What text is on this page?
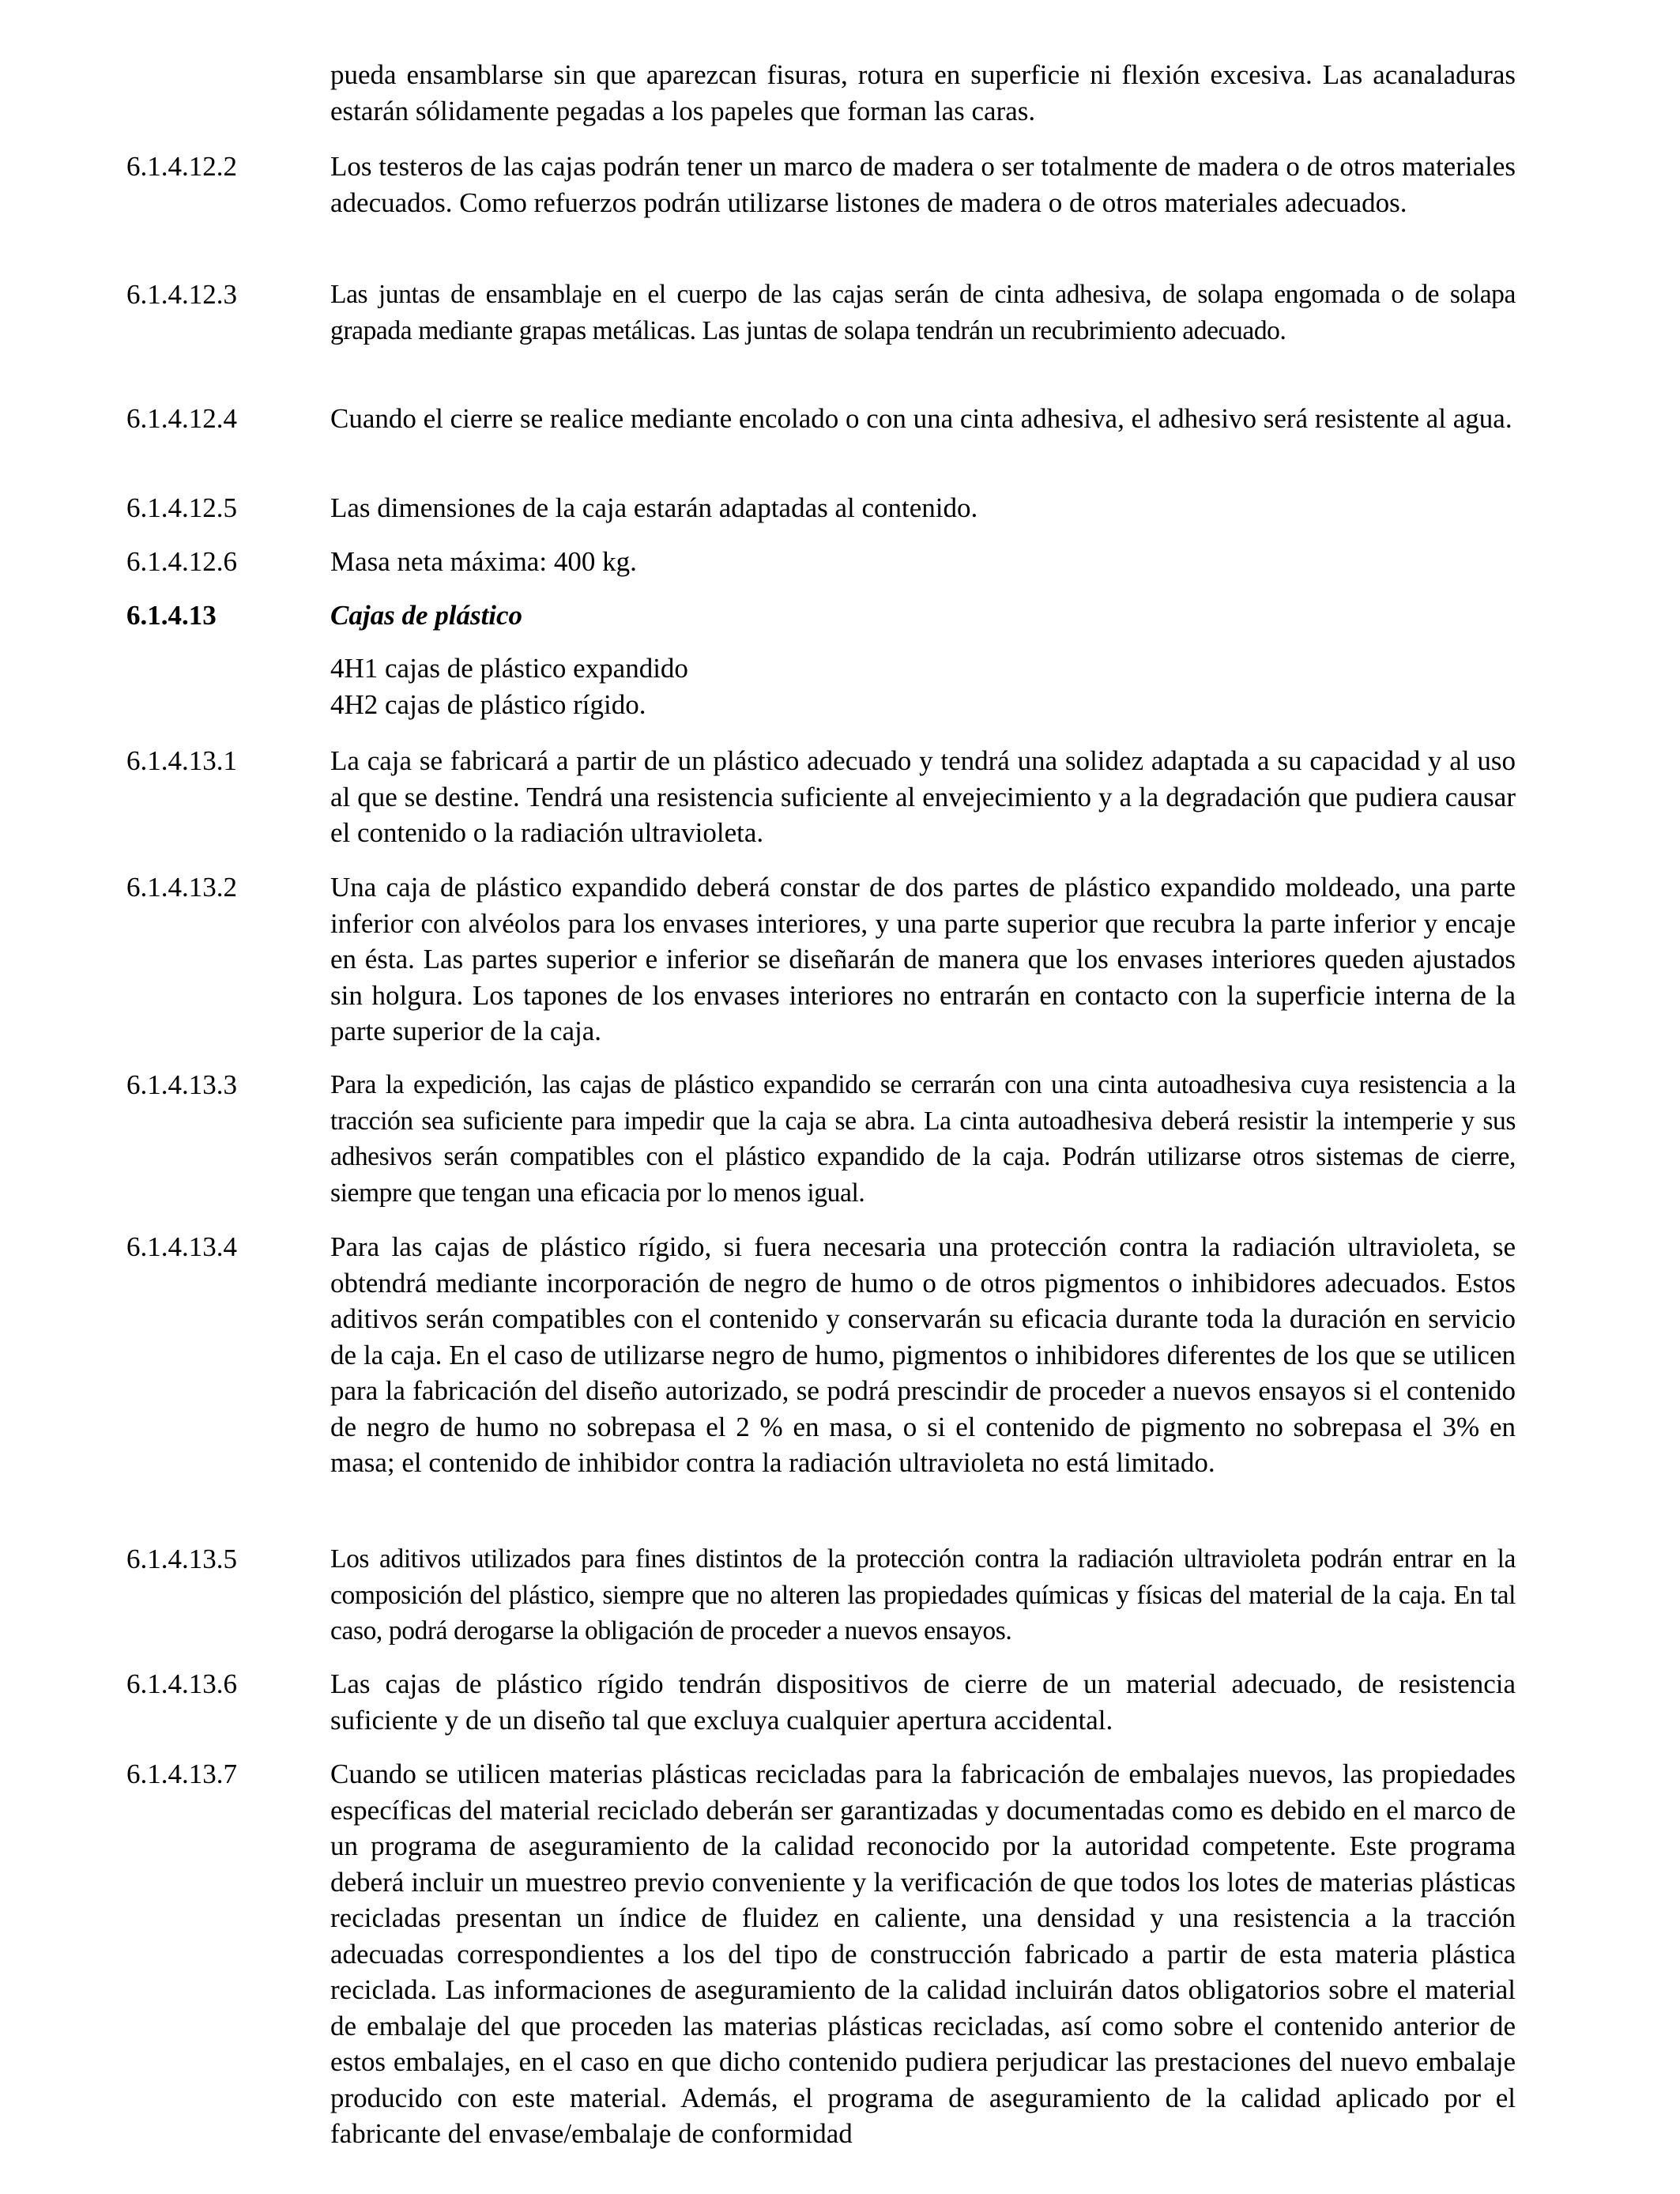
pueda ensamblarse sin que aparezcan fisuras, rotura en superficie ni flexión excesiva. Las acanaladuras estarán sólidamente pegadas a los papeles que forman las caras.
6.1.4.12.2	Los testeros de las cajas podrán tener un marco de madera o ser totalmente de madera o de otros materiales adecuados. Como refuerzos podrán utilizarse listones de madera o de otros materiales adecuados.
6.1.4.12.3	Las juntas de ensamblaje en el cuerpo de las cajas serán de cinta adhesiva, de solapa engomada o de solapa grapada mediante grapas metálicas. Las juntas de solapa tendrán un recubrimiento adecuado.
6.1.4.12.4	Cuando el cierre se realice mediante encolado o con una cinta adhesiva, el adhesivo será resistente al agua.
6.1.4.12.5	Las dimensiones de la caja estarán adaptadas al contenido.
6.1.4.12.6	Masa neta máxima: 400 kg.
6.1.4.13	Cajas de plástico
4H1 cajas de plástico expandido
4H2 cajas de plástico rígido.
6.1.4.13.1	La caja se fabricará a partir de un plástico adecuado y tendrá una solidez adaptada a su capacidad y al uso al que se destine. Tendrá una resistencia suficiente al envejecimiento y a la degradación que pudiera causar el contenido o la radiación ultravioleta.
6.1.4.13.2	Una caja de plástico expandido deberá constar de dos partes de plástico expandido moldeado, una parte inferior con alvéolos para los envases interiores, y una parte superior que recubra la parte inferior y encaje en ésta. Las partes superior e inferior se diseñarán de manera que los envases interiores queden ajustados sin holgura. Los tapones de los envases interiores no entrarán en contacto con la superficie interna de la parte superior de la caja.
6.1.4.13.3	Para la expedición, las cajas de plástico expandido se cerrarán con una cinta autoadhesiva cuya resistencia a la tracción sea suficiente para impedir que la caja se abra. La cinta autoadhesiva deberá resistir la intemperie y sus adhesivos serán compatibles con el plástico expandido de la caja. Podrán utilizarse otros sistemas de cierre, siempre que tengan una eficacia por lo menos igual.
6.1.4.13.4	Para las cajas de plástico rígido, si fuera necesaria una protección contra la radiación ultravioleta, se obtendrá mediante incorporación de negro de humo o de otros pigmentos o inhibidores adecuados. Estos aditivos serán compatibles con el contenido y conservarán su eficacia durante toda la duración en servicio de la caja. En el caso de utilizarse negro de humo, pigmentos o inhibidores diferentes de los que se utilicen para la fabricación del diseño autorizado, se podrá prescindir de proceder a nuevos ensayos si el contenido de negro de humo no sobrepasa el 2 % en masa, o si el contenido de pigmento no sobrepasa el 3% en masa; el contenido de inhibidor contra la radiación ultravioleta no está limitado.
6.1.4.13.5	Los aditivos utilizados para fines distintos de la protección contra la radiación ultravioleta podrán entrar en la composición del plástico, siempre que no alteren las propiedades químicas y físicas del material de la caja. En tal caso, podrá derogarse la obligación de proceder a nuevos ensayos.
6.1.4.13.6	Las cajas de plástico rígido tendrán dispositivos de cierre de un material adecuado, de resistencia suficiente y de un diseño tal que excluya cualquier apertura accidental.
6.1.4.13.7	Cuando se utilicen materias plásticas recicladas para la fabricación de embalajes nuevos, las propiedades específicas del material reciclado deberán ser garantizadas y documentadas como es debido en el marco de un programa de aseguramiento de la calidad reconocido por la autoridad competente. Este programa deberá incluir un muestreo previo conveniente y la verificación de que todos los lotes de materias plásticas recicladas presentan un índice de fluidez en caliente, una densidad y una resistencia a la tracción adecuadas correspondientes a los del tipo de construcción fabricado a partir de esta materia plástica reciclada. Las informaciones de aseguramiento de la calidad incluirán datos obligatorios sobre el material de embalaje del que proceden las materias plásticas recicladas, así como sobre el contenido anterior de estos embalajes, en el caso en que dicho contenido pudiera perjudicar las prestaciones del nuevo embalaje producido con este material. Además, el programa de aseguramiento de la calidad aplicado por el fabricante del envase/embalaje de conformidad
